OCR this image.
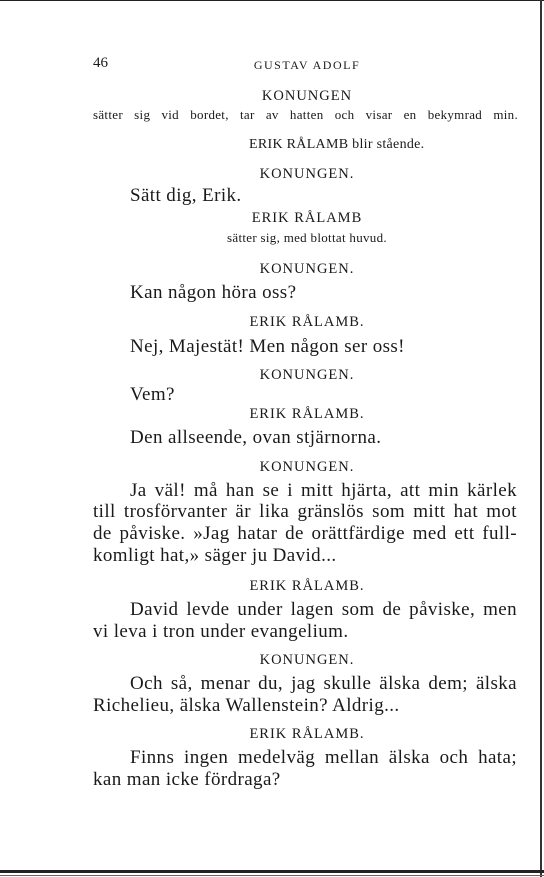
46	GUSTAV ADOLF
KONUNGEN
sätter sig vid bordet, tar av hatten och visar en bekymrad min.
ERIK RÅLAMB blir stående.
KONUNGEN.
Sätt dig, Erik.
ERIK RÅLAMB
sätter sig, med blottat huvud.
KONUNGEN.
Kan någon höra oss?
ERIK RÅLAMB.
Nej, Majestät! Men någon ser oss!
KONUNGEN.
Vem?
ERIK RÅLAMB.
Den allseende, ovan stjärnorna.
KONUNGEN.
Ja väl! må han se i mitt hjärta, att min kärlek
till trosförvanter är lika gränslös som mitt hat mot
de påviske. »Jag hatar de orättfärdige med ett full-
komligt hat,» säger ju David...
ERIK RÅLAMB.
David levde under lagen som de påviske, men
vi leva i tron under evangelium.
KONUNGEN.
Och så, menar du, jag skulle älska dem; älska
Richelieu, älska Wallenstein? Aldrig...
ERIK RÅLAMB.
Finns ingen medelväg mellan älska och hata;
kan man icke fördraga?
